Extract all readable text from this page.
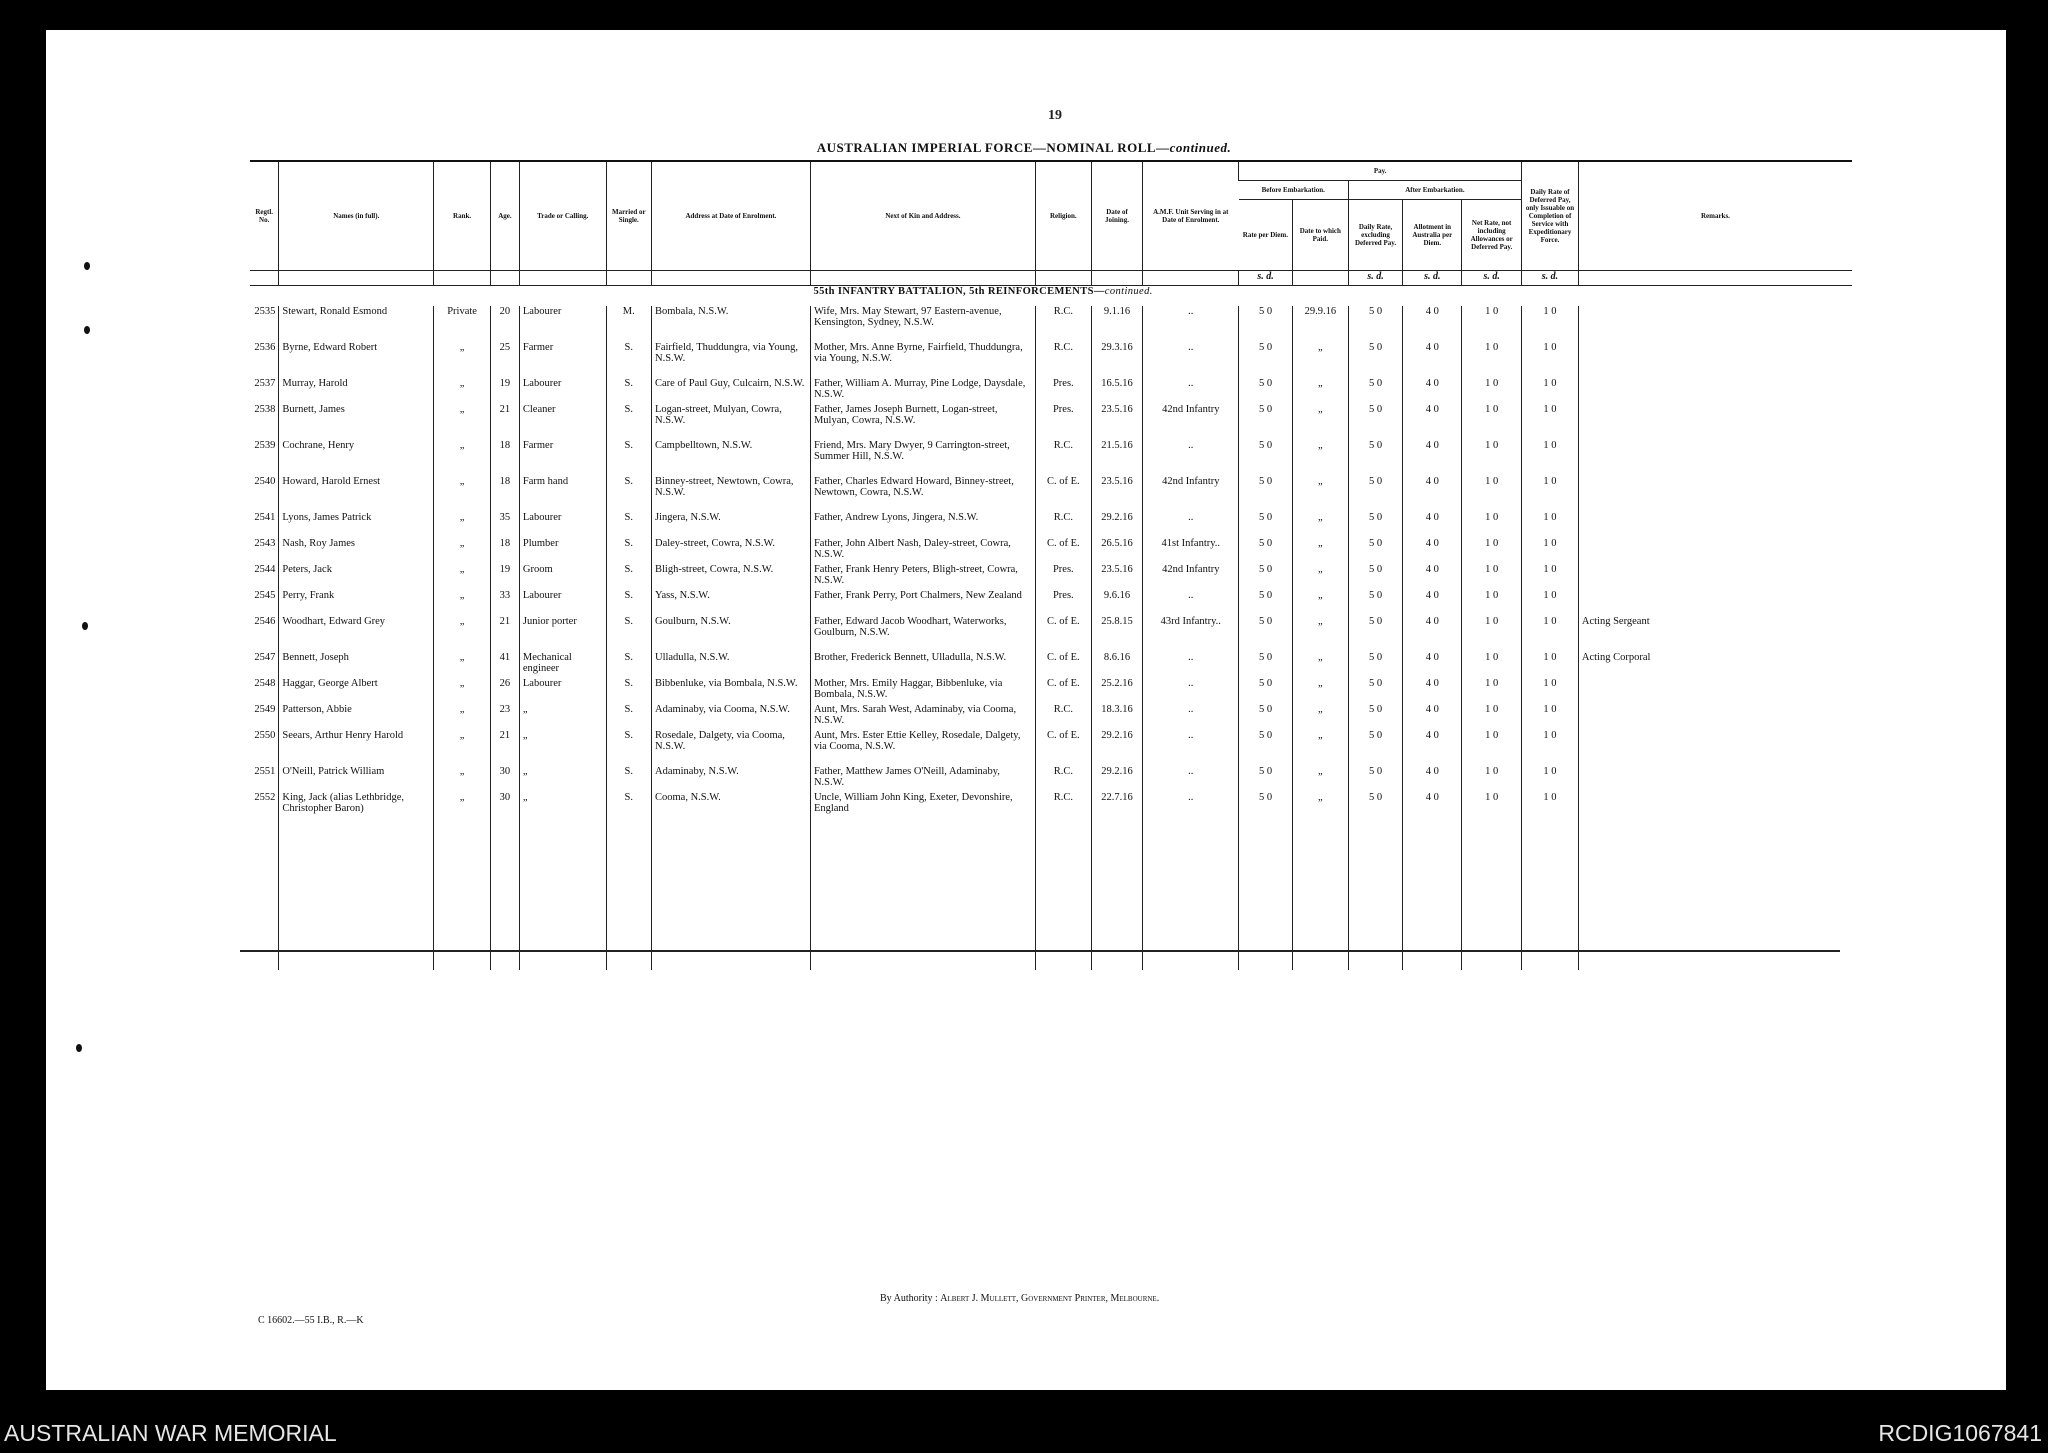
19
AUSTRALIAN IMPERIAL FORCE—NOMINAL ROLL—continued.
Regtl. No.	Names (in full).	Rank.	Age.	Trade or Calling.	Married or Single.	Address at Date of Enrolment.	Next of Kin and Address.	Religion.	Date of Joining.	A.M.F. Unit Serving in at Date of Enrolment.	Pay.					Daily Rate of Deferred Pay, only Issuable on Completion of Service with Expeditionary Force.	Remarks.
											Before Embarkation.		After Embarkation.				
											Rate per Diem.	Date to which Paid.	Daily Rate, excluding Deferred Pay.	Allotment in Australia per Diem.	Net Rate, not including Allowances or Deferred Pay.		
											s. d.		s. d.	s. d.	s. d.	s. d.	
							55th INFANTRY BATTALION, 5th REINFORCEMENTS—continued.										
2535	Stewart, Ronald Esmond	Private	20	Labourer	M.	Bombala, N.S.W.	Wife, Mrs. May Stewart, 97 Eastern-avenue, Kensington, Sydney, N.S.W.	R.C.	9.1.16	..	5 0	29.9.16	5 0	4 0	1 0	1 0	
2536	Byrne, Edward Robert	„	25	Farmer	S.	Fairfield, Thuddungra, via Young, N.S.W.	Mother, Mrs. Anne Byrne, Fairfield, Thuddungra, via Young, N.S.W.	R.C.	29.3.16	..	5 0	„	5 0	4 0	1 0	1 0	
2537	Murray, Harold	„	19	Labourer	S.	Care of Paul Guy, Culcairn, N.S.W.	Father, William A. Murray, Pine Lodge, Daysdale, N.S.W.	Pres.	16.5.16	..	5 0	„	5 0	4 0	1 0	1 0	
2538	Burnett, James	„	21	Cleaner	S.	Logan-street, Mulyan, Cowra, N.S.W.	Father, James Joseph Burnett, Logan-street, Mulyan, Cowra, N.S.W.	Pres.	23.5.16	42nd Infantry	5 0	„	5 0	4 0	1 0	1 0	
2539	Cochrane, Henry	„	18	Farmer	S.	Campbelltown, N.S.W.	Friend, Mrs. Mary Dwyer, 9 Carrington-street, Summer Hill, N.S.W.	R.C.	21.5.16	..	5 0	„	5 0	4 0	1 0	1 0	
2540	Howard, Harold Ernest	„	18	Farm hand	S.	Binney-street, Newtown, Cowra, N.S.W.	Father, Charles Edward Howard, Binney-street, Newtown, Cowra, N.S.W.	C. of E.	23.5.16	42nd Infantry	5 0	„	5 0	4 0	1 0	1 0	
2541	Lyons, James Patrick	„	35	Labourer	S.	Jingera, N.S.W.	Father, Andrew Lyons, Jingera, N.S.W.	R.C.	29.2.16	..	5 0	„	5 0	4 0	1 0	1 0	
2543	Nash, Roy James	„	18	Plumber	S.	Daley-street, Cowra, N.S.W.	Father, John Albert Nash, Daley-street, Cowra, N.S.W.	C. of E.	26.5.16	41st Infantry..	5 0	„	5 0	4 0	1 0	1 0	
2544	Peters, Jack	„	19	Groom	S.	Bligh-street, Cowra, N.S.W.	Father, Frank Henry Peters, Bligh-street, Cowra, N.S.W.	Pres.	23.5.16	42nd Infantry	5 0	„	5 0	4 0	1 0	1 0	
2545	Perry, Frank	„	33	Labourer	S.	Yass, N.S.W.	Father, Frank Perry, Port Chalmers, New Zealand	Pres.	9.6.16	..	5 0	„	5 0	4 0	1 0	1 0	
2546	Woodhart, Edward Grey	„	21	Junior porter	S.	Goulburn, N.S.W.	Father, Edward Jacob Woodhart, Waterworks, Goulburn, N.S.W.	C. of E.	25.8.15	43rd Infantry..	5 0	„	5 0	4 0	1 0	1 0	Acting Sergeant
2547	Bennett, Joseph	„	41	Mechanical engineer	S.	Ulladulla, N.S.W.	Brother, Frederick Bennett, Ulladulla, N.S.W.	C. of E.	8.6.16	..	5 0	„	5 0	4 0	1 0	1 0	Acting Corporal
2548	Haggar, George Albert	„	26	Labourer	S.	Bibbenluke, via Bombala, N.S.W.	Mother, Mrs. Emily Haggar, Bibbenluke, via Bombala, N.S.W.	C. of E.	25.2.16	..	5 0	„	5 0	4 0	1 0	1 0	
2549	Patterson, Abbie	„	23	„	S.	Adaminaby, via Cooma, N.S.W.	Aunt, Mrs. Sarah West, Adaminaby, via Cooma, N.S.W.	R.C.	18.3.16	..	5 0	„	5 0	4 0	1 0	1 0	
2550	Seears, Arthur Henry Harold	„	21	„	S.	Rosedale, Dalgety, via Cooma, N.S.W.	Aunt, Mrs. Ester Ettie Kelley, Rosedale, Dalgety, via Cooma, N.S.W.	C. of E.	29.2.16	..	5 0	„	5 0	4 0	1 0	1 0	
2551	O'Neill, Patrick William	„	30	„	S.	Adaminaby, N.S.W.	Father, Matthew James O'Neill, Adaminaby, N.S.W.	R.C.	29.2.16	..	5 0	„	5 0	4 0	1 0	1 0	
2552	King, Jack (alias Lethbridge, Christopher Baron)	„	30	„	S.	Cooma, N.S.W.	Uncle, William John King, Exeter, Devonshire, England	R.C.	22.7.16	..	5 0	„	5 0	4 0	1 0	1 0	

By Authority : Albert J. Mullett, Government Printer, Melbourne.
C 16602.—55 I.B., R.—K
AUSTRALIAN WAR MEMORIAL	RCDIG1067841
